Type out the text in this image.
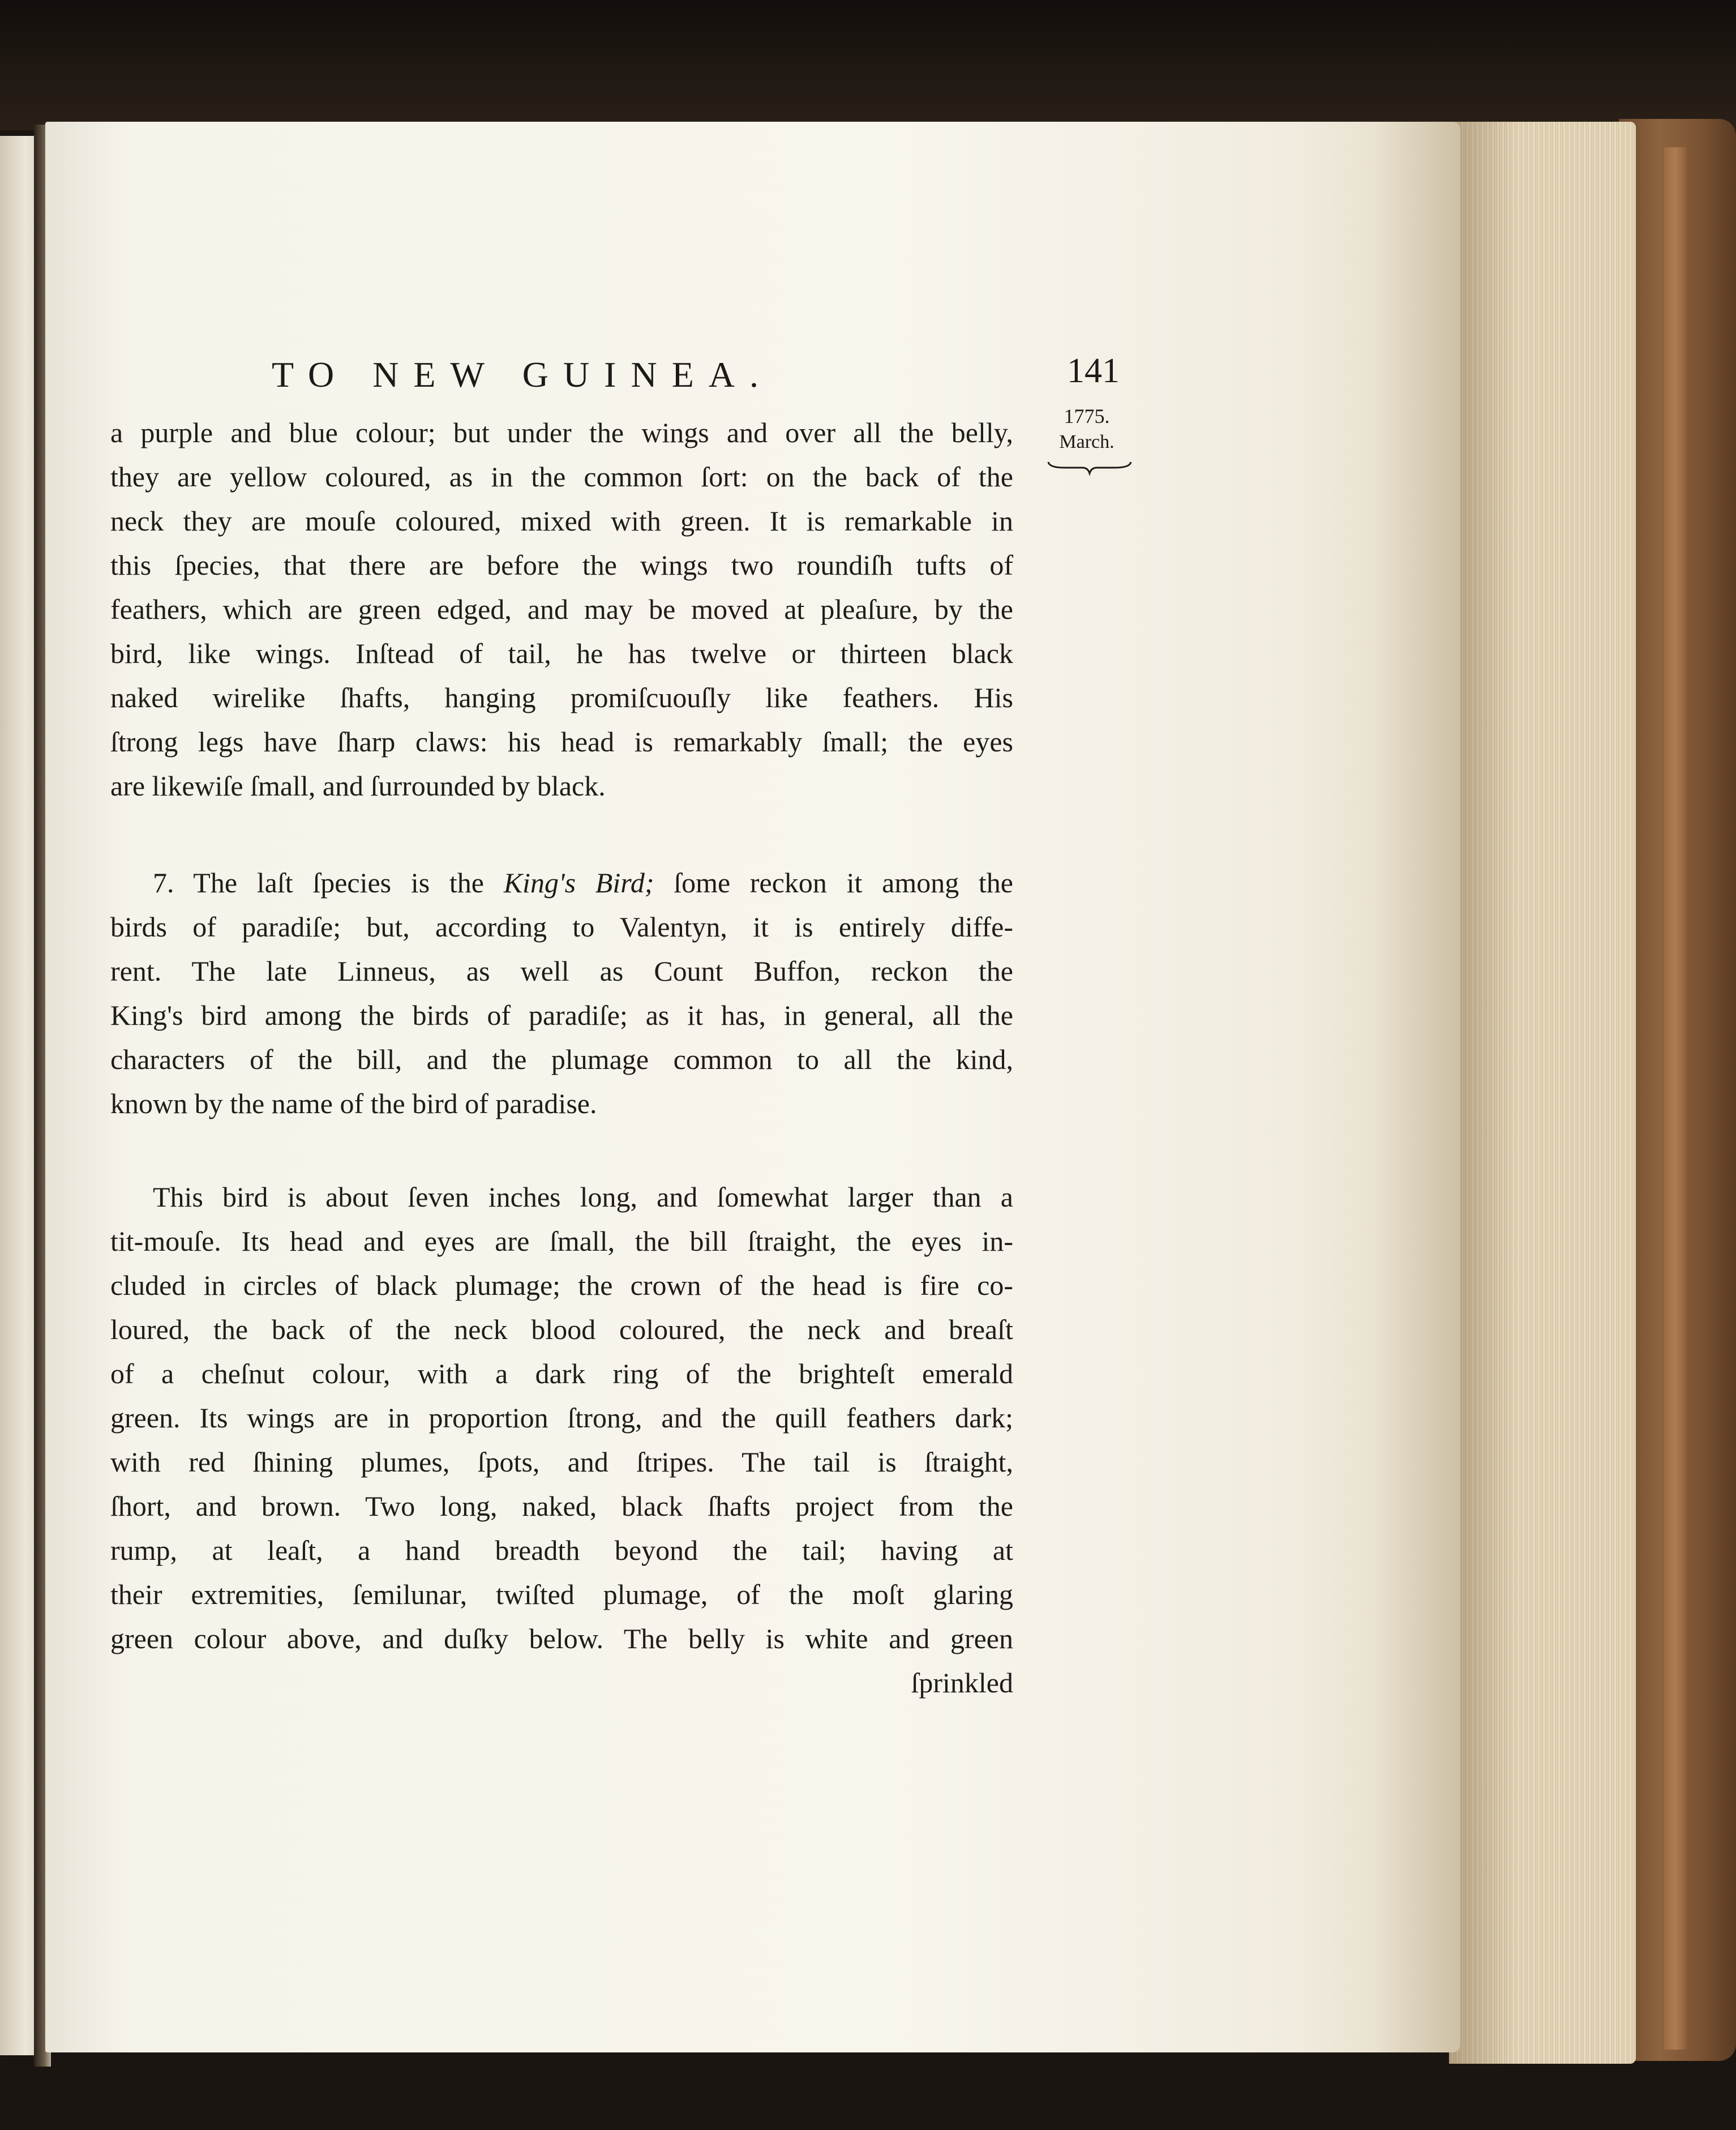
TO NEW GUINEA.	141
1775.
March.
a purple and blue colour; but under the wings and over all the belly,
they are yellow coloured, as in the common ſort: on the back of the
neck they are mouſe coloured, mixed with green. It is remarkable in
this ſpecies, that there are before the wings two roundiſh tufts of
feathers, which are green edged, and may be moved at pleaſure, by the
bird, like wings. Inſtead of tail, he has twelve or thirteen black
naked wirelike ſhafts, hanging promiſcuouſly like feathers. His
ſtrong legs have ſharp claws: his head is remarkably ſmall; the eyes
are likewiſe ſmall, and ſurrounded by black.
7. The laſt ſpecies is the King's Bird; ſome reckon it among the
birds of paradiſe; but, according to Valentyn, it is entirely diffe-
rent. The late Linneus, as well as Count Buffon, reckon the
King's bird among the birds of paradiſe; as it has, in general, all the
characters of the bill, and the plumage common to all the kind,
known by the name of the bird of paradise.
This bird is about ſeven inches long, and ſomewhat larger than a
tit-mouſe. Its head and eyes are ſmall, the bill ſtraight, the eyes in-
cluded in circles of black plumage; the crown of the head is fire co-
loured, the back of the neck blood coloured, the neck and breaſt
of a cheſnut colour, with a dark ring of the brighteſt emerald
green. Its wings are in proportion ſtrong, and the quill feathers dark;
with red ſhining plumes, ſpots, and ſtripes. The tail is ſtraight,
ſhort, and brown. Two long, naked, black ſhafts project from the
rump, at leaſt, a hand breadth beyond the tail; having at
their extremities, ſemilunar, twiſted plumage, of the moſt glaring
green colour above, and duſky below. The belly is white and green
ſprinkled
